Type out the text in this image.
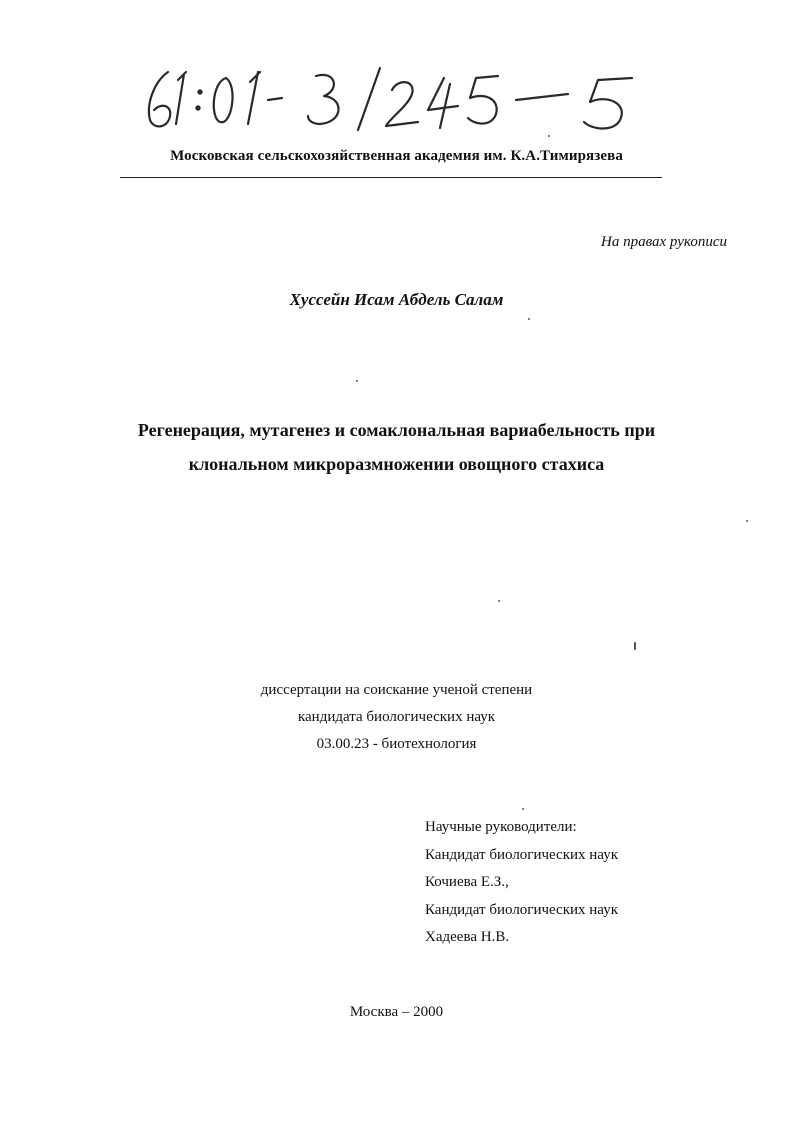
Московская сельскохозяйственная академия им. К.А.Тимирязева

На правах рукописи

Хуссейн Исам Абдель Салам

Регенерация, мутагенез и сомаклональная вариабельность при
клональном микроразмножении овощного стахиса
диссертации на соискание ученой степени
кандидата биологических наук
03.00.23 - биотехнология
Научные руководители:
Кандидат биологических наук
Кочиева Е.З.,
Кандидат биологических наук
Хадеева Н.В.

Москва – 2000
